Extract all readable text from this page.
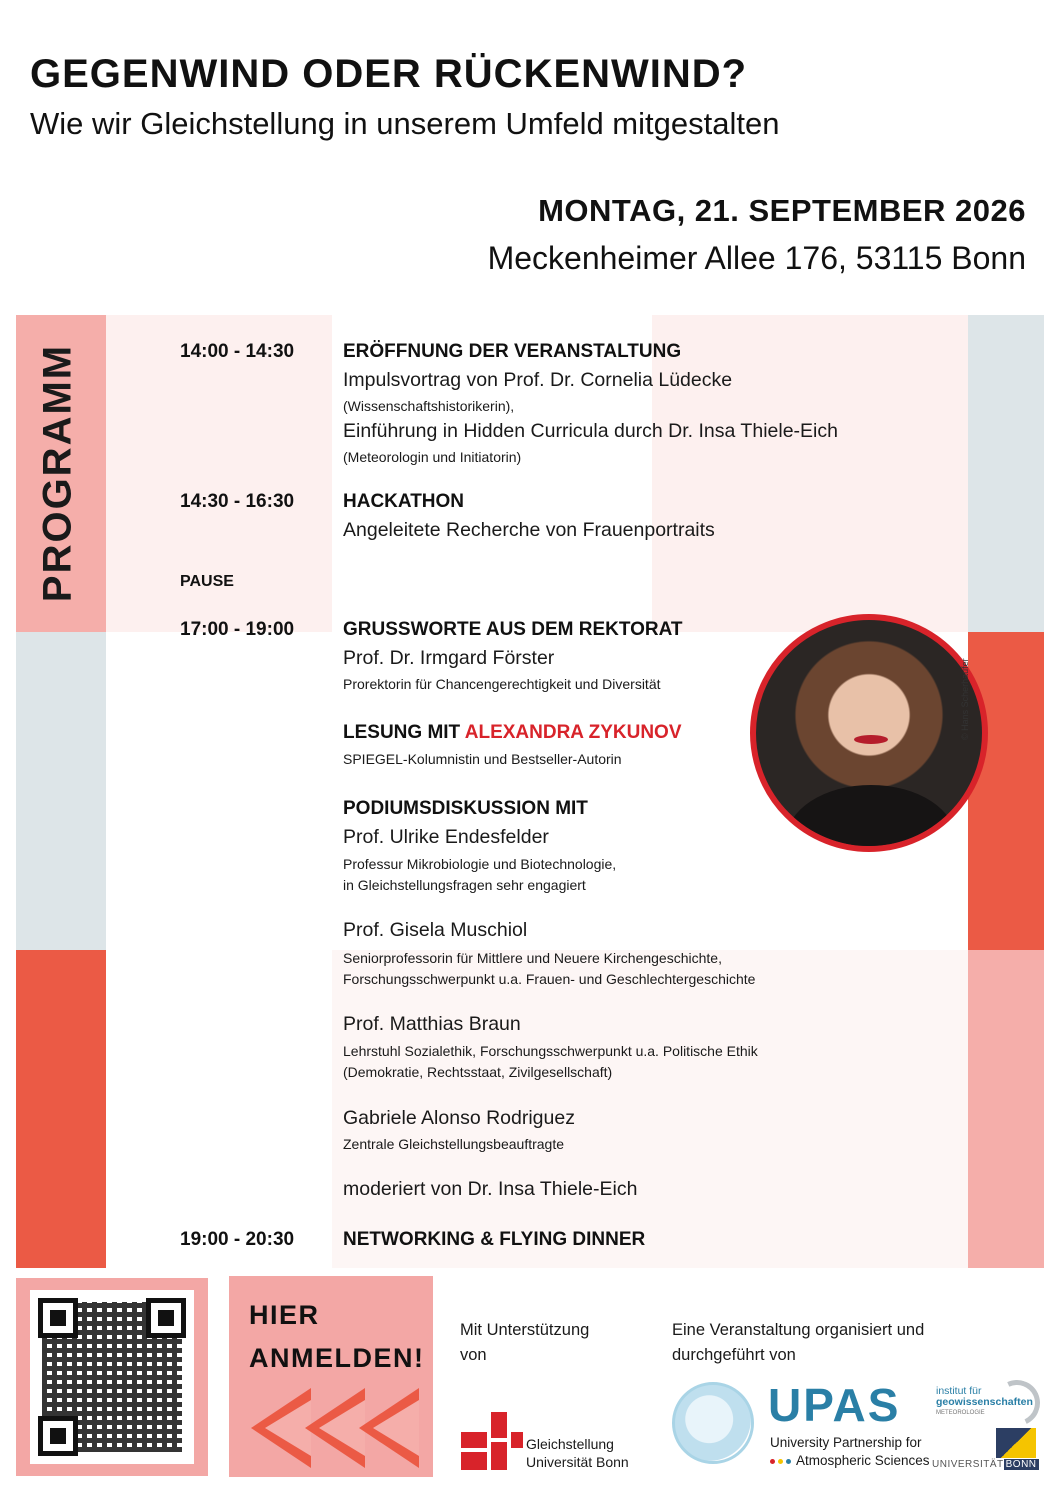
GEGENWIND ODER RÜCKENWIND?
Wie wir Gleichstellung in unserem Umfeld mitgestalten
MONTAG, 21. SEPTEMBER 2026
Meckenheimer Allee 176, 53115 Bonn
PROGRAMM	14:00 - 14:30	ERÖFFNUNG DER VERANSTALTUNG
Impulsvortrag von Prof. Dr. Cornelia Lüdecke
(Wissenschaftshistorikerin),
Einführung in Hidden Curricula durch Dr. Insa Thiele-Eich
(Meteorologin und Initiatorin)
14:30 - 16:30	HACKATHON
Angeleitete Recherche von Frauenportraits
PAUSE
17:00 - 19:00	GRUSSWORTE AUS DEM REKTORAT
Prof. Dr. Irmgard Förster
Prorektorin für Chancengerechtigkeit und Diversität
LESUNG MIT ALEXANDRA ZYKUNOV
SPIEGEL-Kolumnistin und Bestseller-Autorin
PODIUMSDISKUSSION MIT
Prof. Ulrike Endesfelder
Professur Mikrobiologie und Biotechnologie,
in Gleichstellungsfragen sehr engagiert
Prof. Gisela Muschiol
Seniorprofessorin für Mittlere und Neuere Kirchengeschichte,
Forschungsschwerpunkt u.a. Frauen- und Geschlechtergeschichte
Prof. Matthias Braun
Lehrstuhl Sozialethik, Forschungsschwerpunkt u.a. Politische Ethik
(Demokratie, Rechtsstaat, Zivilgesellschaft)
Gabriele Alonso Rodriguez
Zentrale Gleichstellungsbeauftragte
moderiert von Dr. Insa Thiele-Eich
19:00 - 20:30	NETWORKING & FLYING DINNER
© Hans Scherhaufer
HIER
ANMELDEN!
Mit Unterstützung
von
Gleichstellung
Universität Bonn
Eine Veranstaltung organisiert und
durchgeführt von
UPAS
University Partnership for
Atmospheric Sciences
institut für
geowissenschaften
METEOROLOGIE
UNIVERSITÄT BONN
